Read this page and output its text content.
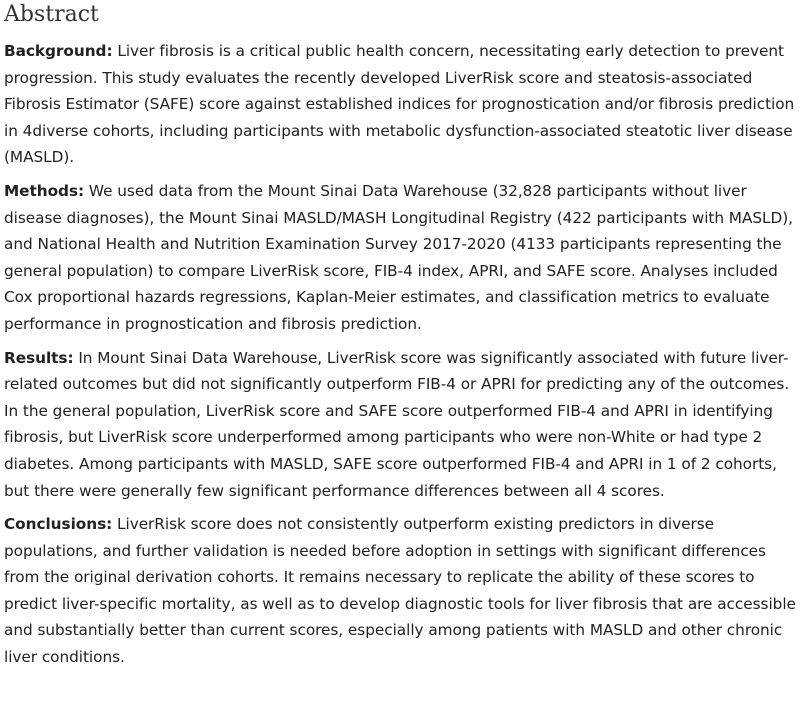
Abstract

Background: Liver fibrosis is a critical public health concern, necessitating early detection to prevent progression. This study evaluates the recently developed LiverRisk score and steatosis-associated Fibrosis Estimator (SAFE) score against established indices for prognostication and/or fibrosis prediction in 4diverse cohorts, including participants with metabolic dysfunction-associated steatotic liver disease (MASLD).

Methods: We used data from the Mount Sinai Data Warehouse (32,828 participants without liver disease diagnoses), the Mount Sinai MASLD/MASH Longitudinal Registry (422 participants with MASLD), and National Health and Nutrition Examination Survey 2017-2020 (4133 participants representing the general population) to compare LiverRisk score, FIB-4 index, APRI, and SAFE score. Analyses included Cox proportional hazards regressions, Kaplan-Meier estimates, and classification metrics to evaluate performance in prognostication and fibrosis prediction.

Results: In Mount Sinai Data Warehouse, LiverRisk score was significantly associated with future liver-related outcomes but did not significantly outperform FIB-4 or APRI for predicting any of the outcomes. In the general population, LiverRisk score and SAFE score outperformed FIB-4 and APRI in identifying fibrosis, but LiverRisk score underperformed among participants who were non-White or had type 2 diabetes. Among participants with MASLD, SAFE score outperformed FIB-4 and APRI in 1 of 2 cohorts, but there were generally few significant performance differences between all 4 scores.

Conclusions: LiverRisk score does not consistently outperform existing predictors in diverse populations, and further validation is needed before adoption in settings with significant differences from the original derivation cohorts. It remains necessary to replicate the ability of these scores to predict liver-specific mortality, as well as to develop diagnostic tools for liver fibrosis that are accessible and substantially better than current scores, especially among patients with MASLD and other chronic liver conditions.
